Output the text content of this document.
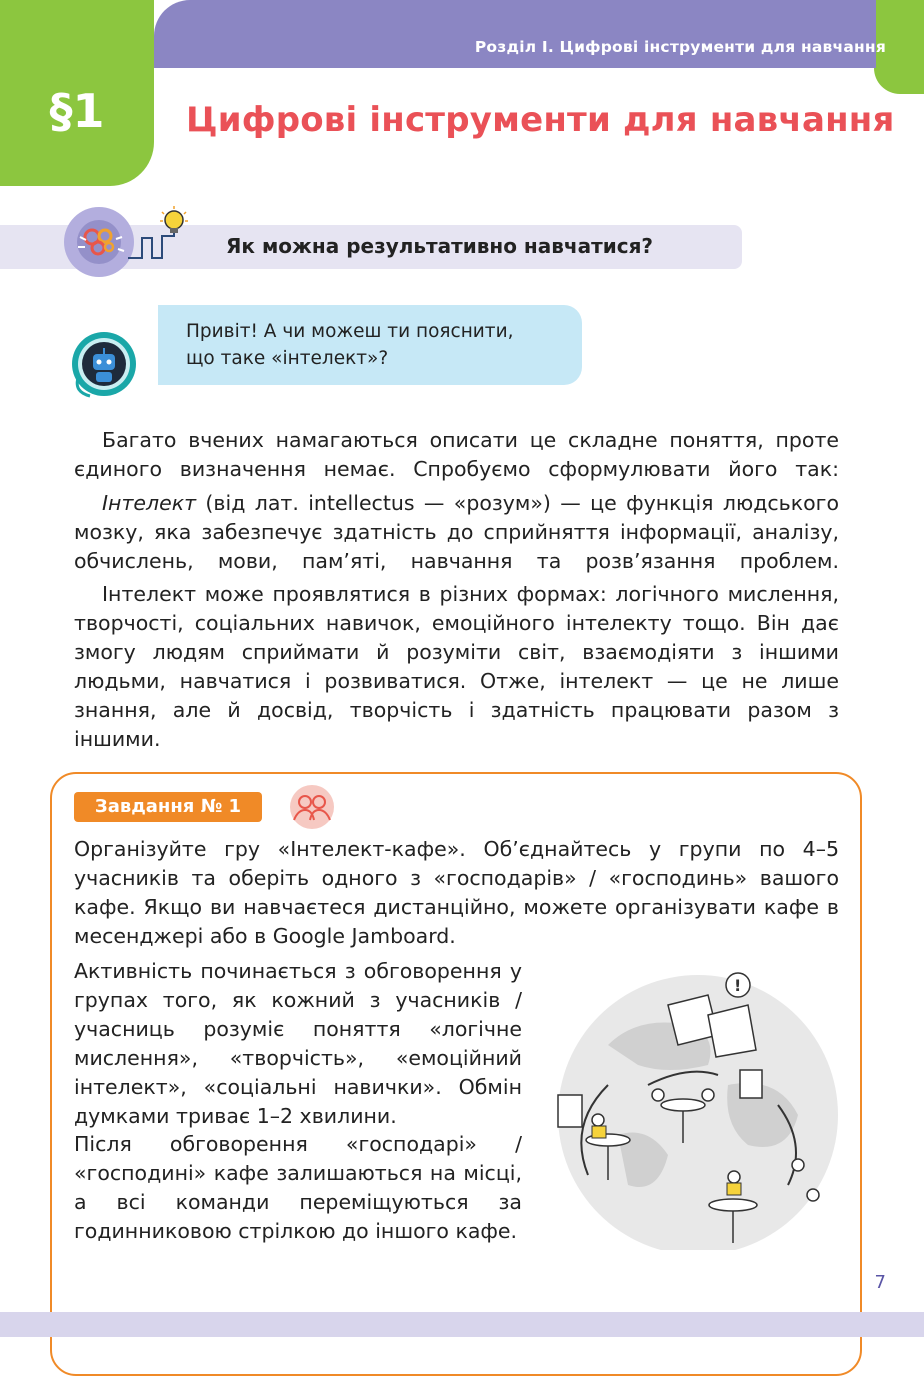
Розділ I. Цифрові інструменти для навчання
§1	Цифрові інструменти для навчання
Як можна результативно навчатися?
Привіт! А чи можеш ти пояснити,
що таке «інтелект»?

Багато вчених намагаються описати це складне поняття, проте єдиного визначення немає. Спробуємо сформулювати його так:

Інтелект (від лат. intellectus — «розум») — це функція людського мозку, яка забезпечує здатність до сприйняття інформації, аналізу, обчислень, мови, пам’яті, навчання та розв’язання проблем.

Інтелект може проявлятися в різних формах: логічного мислення, творчості, соціальних навичок, емоційного інтелекту тощо. Він дає змогу людям сприймати й розуміти світ, взаємодіяти з іншими людьми, навчатися і розвиватися. Отже, інтелект — це не лише знання, але й досвід, творчість і здатність працювати разом з іншими.

Завдання № 1

Організуйте гру «Інтелект-кафе». Об’єднайтесь у групи по 4–5 учасників та оберіть одного з «господарів» / «господинь» вашого кафе. Якщо ви навчаєтеся дистанційно, можете організувати кафе в месенджері або в Google Jamboard.

Активність починається з обговорення у групах того, як кожний з учасників / учасниць розуміє поняття «логічне мислення», «творчість», «емоційний інтелект», «соціальні навички». Обмін думками триває 1–2 хвилини.

Після обговорення «господарі» / «господині» кафе залишаються на місці, а всі команди переміщуються за годинниковою стрілкою до іншого кафе.

!
7
